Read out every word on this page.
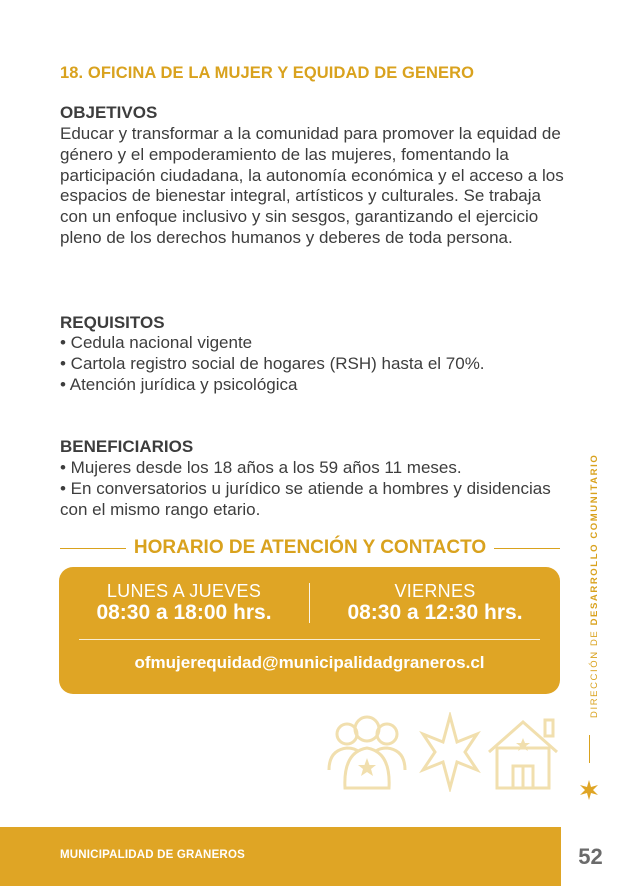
18. OFICINA DE LA MUJER Y EQUIDAD DE GENERO
OBJETIVOS
Educar y transformar a la comunidad para promover la equidad de género y el empoderamiento de las mujeres, fomentando la participación ciudadana, la autonomía económica y el acceso a los espacios de bienestar integral, artísticos y culturales. Se trabaja con un enfoque inclusivo y sin sesgos, garantizando el ejercicio pleno de los derechos humanos y deberes de toda persona.
REQUISITOS
• Cedula nacional vigente
• Cartola registro social de hogares (RSH) hasta el 70%.
• Atención jurídica y psicológica
BENEFICIARIOS
• Mujeres desde los 18 años a los 59 años 11 meses.
• En conversatorios u jurídico se atiende a hombres y disidencias con el mismo rango etario.
HORARIO DE ATENCIÓN Y CONTACTO
LUNES A JUEVES
08:30 a 18:00 hrs.
VIERNES
08:30 a 12:30 hrs.
ofmujerequidad@municipalidadgraneros.cl	DIRECCIÓN DE DESARROLLO COMUNITARIO
MUNICIPALIDAD DE GRANEROS	52
